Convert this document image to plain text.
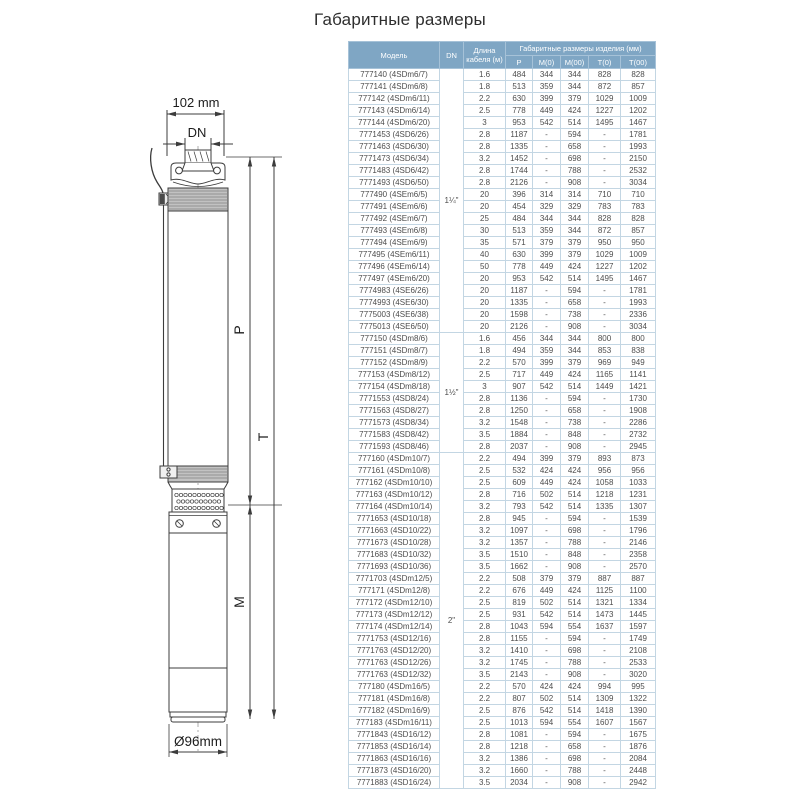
Габаритные размеры
102 mm
DN
P
M
T
Ø96mm
Модель	DN	Длина кабеля (м)	Габаритные размеры изделия (мм)				
			P	M(0)	M(00)	T(0)	T(00)
777140 (4SDm6/7)	1¼"	1.6	484	344	344	828	828
777141 (4SDm6/8)		1.8	513	359	344	872	857
777142 (4SDm6/11)		2.2	630	399	379	1029	1009
777143 (4SDm6/14)		2.5	778	449	424	1227	1202
777144 (4SDm6/20)		3	953	542	514	1495	1467
7771453 (4SD6/26)		2.8	1187	-	594	-	1781
7771463 (4SD6/30)		2.8	1335	-	658	-	1993
7771473 (4SD6/34)		3.2	1452	-	698	-	2150
7771483 (4SD6/42)		2.8	1744	-	788	-	2532
7771493 (4SD6/50)		2.8	2126	-	908	-	3034
777490 (4SEm6/5)		20	396	314	314	710	710
777491 (4SEm6/6)		20	454	329	329	783	783
777492 (4SEm6/7)		25	484	344	344	828	828
777493 (4SEm6/8)		30	513	359	344	872	857
777494 (4SEm6/9)		35	571	379	379	950	950
777495 (4SEm6/11)		40	630	399	379	1029	1009
777496 (4SEm6/14)		50	778	449	424	1227	1202
777497 (4SEm6/20)		20	953	542	514	1495	1467
7774983 (4SE6/26)		20	1187	-	594	-	1781
7774993 (4SE6/30)		20	1335	-	658	-	1993
7775003 (4SE6/38)		20	1598	-	738	-	2336
7775013 (4SE6/50)		20	2126	-	908	-	3034
777150 (4SDm8/6)	1½"	1.6	456	344	344	800	800
777151 (4SDm8/7)		1.8	494	359	344	853	838
777152 (4SDm8/9)		2.2	570	399	379	969	949
777153 (4SDm8/12)		2.5	717	449	424	1165	1141
777154 (4SDm8/18)		3	907	542	514	1449	1421
7771553 (4SD8/24)		2.8	1136	-	594	-	1730
7771563 (4SD8/27)		2.8	1250	-	658	-	1908
7771573 (4SD8/34)		3.2	1548	-	738	-	2286
7771583 (4SD8/42)		3.5	1884	-	848	-	2732
7771593 (4SD8/46)		2.8	2037	-	908	-	2945
777160 (4SDm10/7)	2"	2.2	494	399	379	893	873
777161 (4SDm10/8)		2.5	532	424	424	956	956
777162 (4SDm10/10)		2.5	609	449	424	1058	1033
777163 (4SDm10/12)		2.8	716	502	514	1218	1231
777164 (4SDm10/14)		3.2	793	542	514	1335	1307
7771653 (4SD10/18)		2.8	945	-	594	-	1539
7771663 (4SD10/22)		3.2	1097	-	698	-	1796
7771673 (4SD10/28)		3.2	1357	-	788	-	2146
7771683 (4SD10/32)		3.5	1510	-	848	-	2358
7771693 (4SD10/36)		3.5	1662	-	908	-	2570
7771703 (4SDm12/5)		2.2	508	379	379	887	887
777171 (4SDm12/8)		2.2	676	449	424	1125	1100
777172 (4SDm12/10)		2.5	819	502	514	1321	1334
777173 (4SDm12/12)		2.5	931	542	514	1473	1445
777174 (4SDm12/14)		2.8	1043	594	554	1637	1597
7771753 (4SD12/16)		2.8	1155	-	594	-	1749
7771763 (4SD12/20)		3.2	1410	-	698	-	2108
7771763 (4SD12/26)		3.2	1745	-	788	-	2533
7771763 (4SD12/32)		3.5	2143	-	908	-	3020
777180 (4SDm16/5)		2.2	570	424	424	994	995
777181 (4SDm16/8)		2.2	807	502	514	1309	1322
777182 (4SDm16/9)		2.5	876	542	514	1418	1390
777183 (4SDm16/11)		2.5	1013	594	554	1607	1567
7771843 (4SD16/12)		2.8	1081	-	594	-	1675
7771853 (4SD16/14)		2.8	1218	-	658	-	1876
7771863 (4SD16/16)		3.2	1386	-	698	-	2084
7771873 (4SD16/20)		3.2	1660	-	788	-	2448
7771883 (4SD16/24)		3.5	2034	-	908	-	2942
